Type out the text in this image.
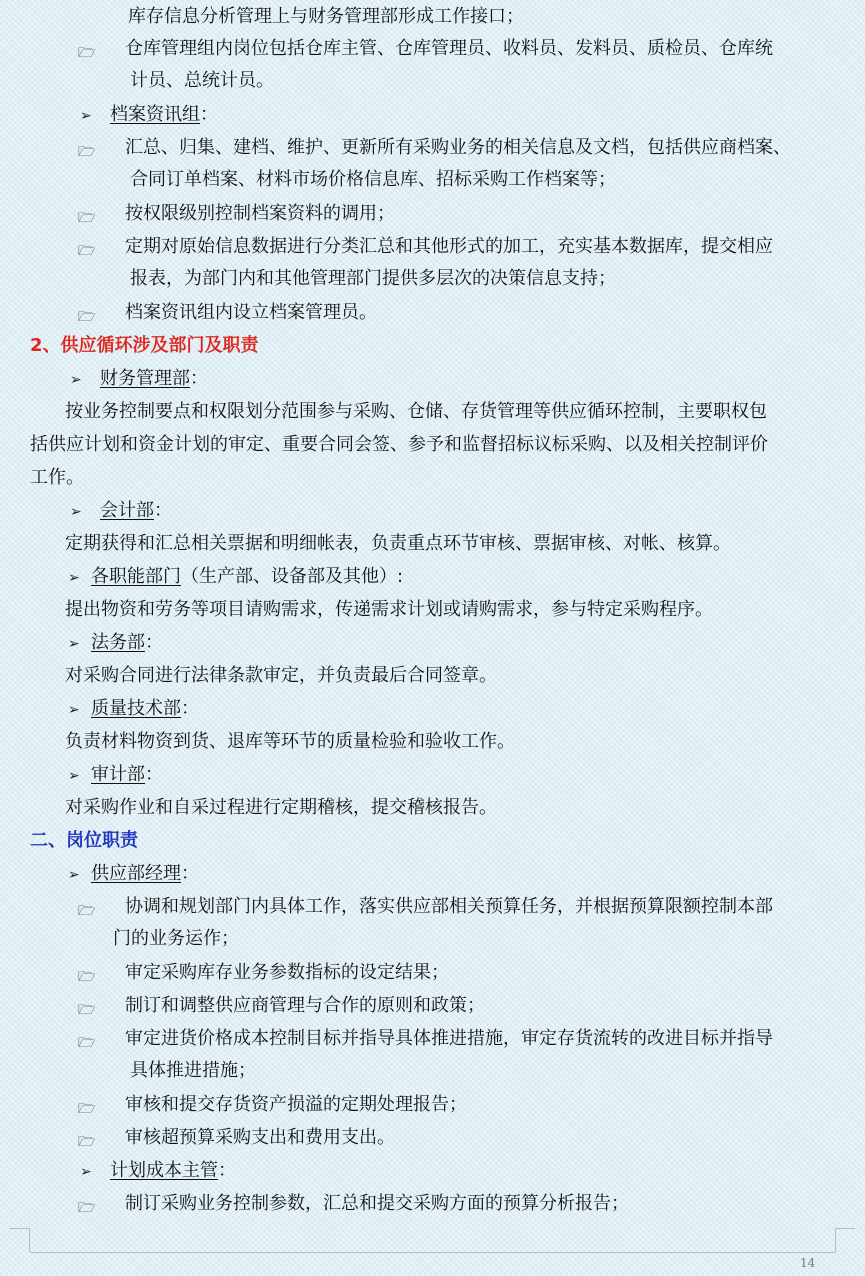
库存信息分析管理上与财务管理部形成工作接口；
🗁 仓库管理组内岗位包括仓库主管、仓库管理员、收料员、发料员、质检员、仓库统
计员、总统计员。
➢ 档案资讯组：
🗁 汇总、归集、建档、维护、更新所有采购业务的相关信息及文档，包括供应商档案、
合同订单档案、材料市场价格信息库、招标采购工作档案等；
🗁 按权限级别控制档案资料的调用；
🗁 定期对原始信息数据进行分类汇总和其他形式的加工，充实基本数据库，提交相应
报表，为部门内和其他管理部门提供多层次的决策信息支持；
🗁 档案资讯组内设立档案管理员。
2、供应循环涉及部门及职责
➢ 财务管理部：
按业务控制要点和权限划分范围参与采购、仓储、存货管理等供应循环控制，主要职权包
括供应计划和资金计划的审定、重要合同会签、参予和监督招标议标采购、以及相关控制评价
工作。
➢ 会计部：
定期获得和汇总相关票据和明细帐表，负责重点环节审核、票据审核、对帐、核算。
➢ 各职能部门（生产部、设备部及其他）:
提出物资和劳务等项目请购需求，传递需求计划或请购需求，参与特定采购程序。
➢ 法务部：
对采购合同进行法律条款审定，并负责最后合同签章。
➢ 质量技术部：
负责材料物资到货、退库等环节的质量检验和验收工作。
➢ 审计部：
对采购作业和自采过程进行定期稽核，提交稽核报告。
二、岗位职责
➢ 供应部经理：
🗁 协调和规划部门内具体工作，落实供应部相关预算任务，并根据预算限额控制本部
门的业务运作；
🗁 审定采购库存业务参数指标的设定结果；
🗁 制订和调整供应商管理与合作的原则和政策；
🗁 审定进货价格成本控制目标并指导具体推进措施，审定存货流转的改进目标并指导
具体推进措施；
🗁 审核和提交存货资产损溢的定期处理报告；
🗁 审核超预算采购支出和费用支出。
➢ 计划成本主管：
🗁 制订采购业务控制参数，汇总和提交采购方面的预算分析报告；
14
